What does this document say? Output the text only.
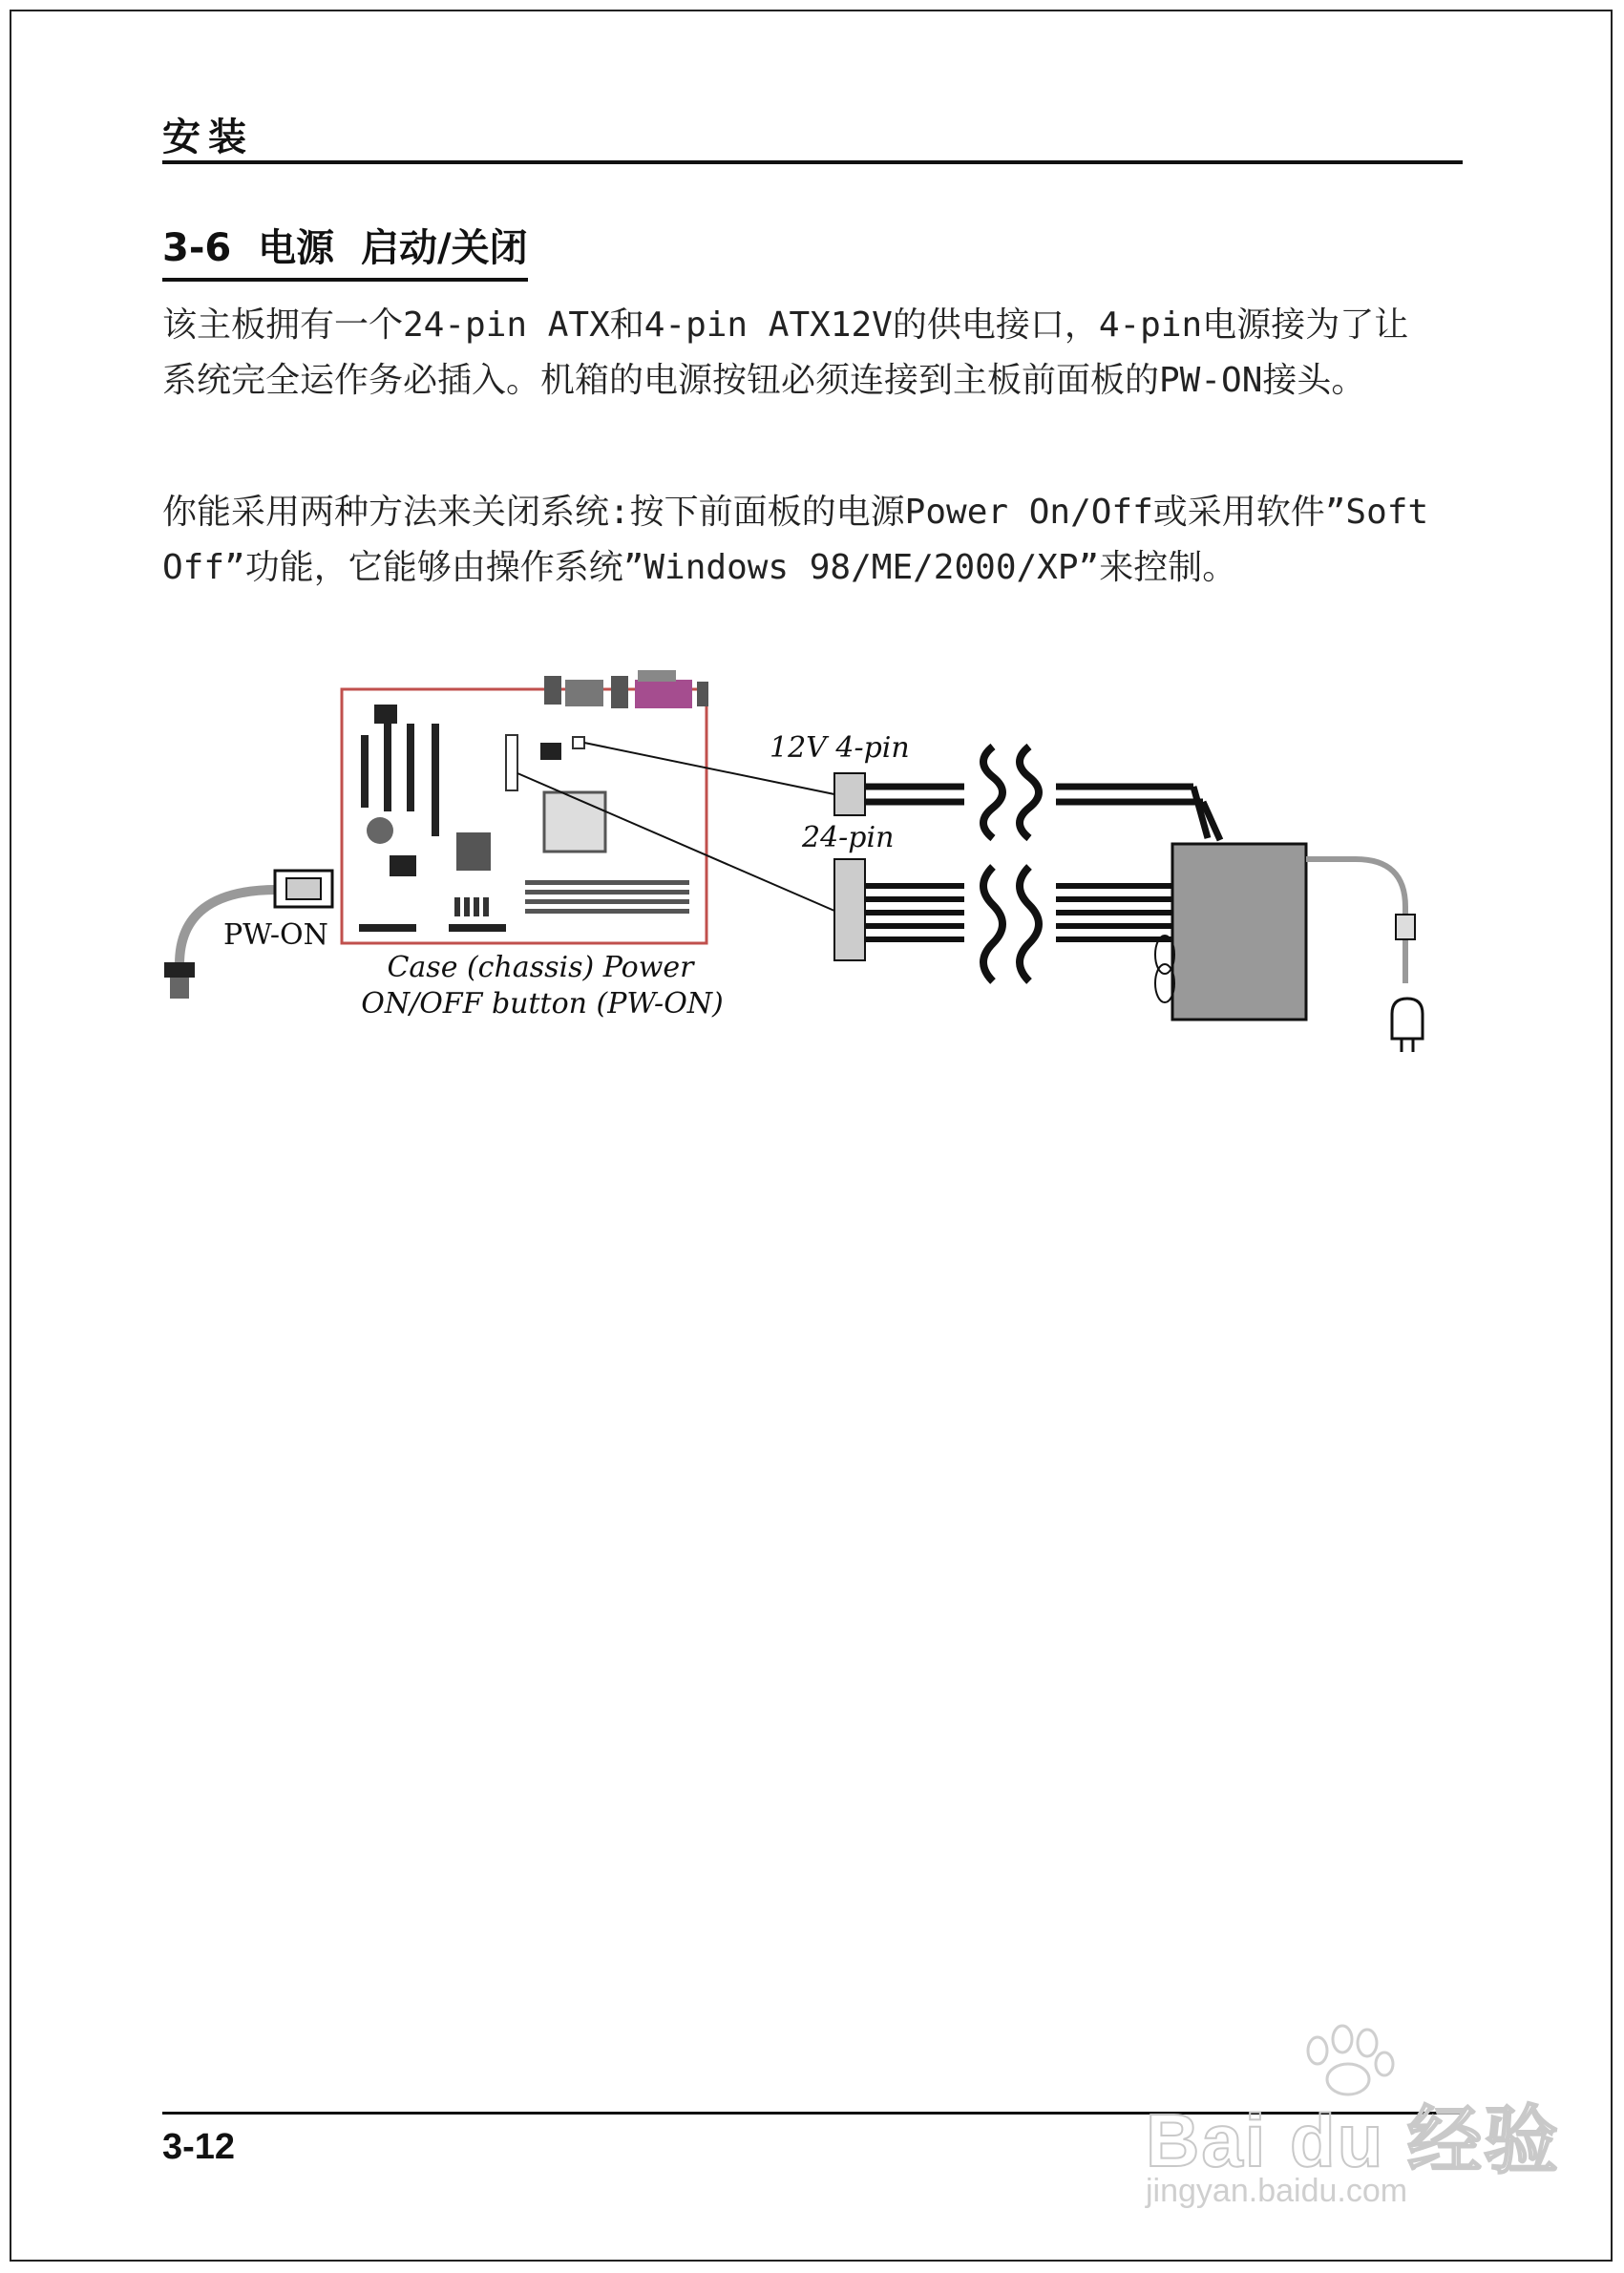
安装
3-6  电源  启动/关闭

该主板拥有一个24-pin ATX和4-pin ATX12V的供电接口，4-pin电源接为了让系统完全运作务必插入。机箱的电源按钮必须连接到主板前面板的PW-ON接头。

你能采用两种方法来关闭系统:按下前面板的电源Power On/Off或采用软件”Soft Off”功能，它能够由操作系统”Windows 98/ME/2000/XP”来控制。

PW-ON
Case (chassis) Power
ON/OFF button (PW-ON)
12V 4-pin
24-pin
3-12	Bai du 经验
jingyan.baidu.com
